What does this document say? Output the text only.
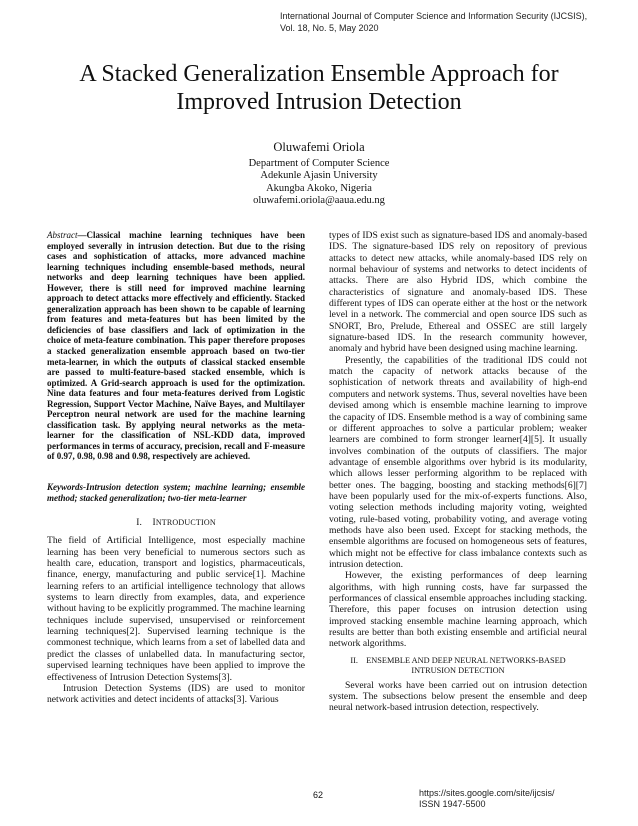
International Journal of Computer Science and Information Security (IJCSIS),
Vol. 18, No. 5, May 2020
A Stacked Generalization Ensemble Approach for
Improved Intrusion Detection
Oluwafemi Oriola
Department of Computer Science
Adekunle Ajasin University
Akungba Akoko, Nigeria
oluwafemi.oriola@aaua.edu.ng

Abstract—Classical machine learning techniques have been employed severally in intrusion detection. But due to the rising cases and sophistication of attacks, more advanced machine learning techniques including ensemble-based methods, neural networks and deep learning techniques have been applied. However, there is still need for improved machine learning approach to detect attacks more effectively and efficiently. Stacked generalization approach has been shown to be capable of learning from features and meta-features but has been limited by the deficiencies of base classifiers and lack of optimization in the choice of meta-feature combination. This paper therefore proposes a stacked generalization ensemble approach based on two-tier meta-learner, in which the outputs of classical stacked ensemble are passed to multi-feature-based stacked ensemble, which is optimized. A Grid-search approach is used for the optimization. Nine data features and four meta-features derived from Logistic Regression, Support Vector Machine, Naïve Bayes, and Multilayer Perceptron neural network are used for the machine learning classification task. By applying neural networks as the meta-learner for the classification of NSL-KDD data, improved performances in terms of accuracy, precision, recall and F-measure of 0.97, 0.98, 0.98 and 0.98, respectively are achieved.

Keywords-Intrusion detection system; machine learning; ensemble method; stacked generalization; two-tier meta-learner

I. INTRODUCTION

The field of Artificial Intelligence, most especially machine learning has been very beneficial to numerous sectors such as health care, education, transport and logistics, pharmaceuticals, finance, energy, manufacturing and public service[1]. Machine learning refers to an artificial intelligence technology that allows systems to learn directly from examples, data, and experience without having to be explicitly programmed. The machine learning techniques include supervised, unsupervised or reinforcement learning techniques[2]. Supervised learning technique is the commonest technique, which learns from a set of labelled data and predict the classes of unlabelled data. In manufacturing sector, supervised learning techniques have been applied to improve the effectiveness of Intrusion Detection Systems[3].

Intrusion Detection Systems (IDS) are used to monitor network activities and detect incidents of attacks[3]. Various

types of IDS exist such as signature-based IDS and anomaly-based IDS. The signature-based IDS rely on repository of previous attacks to detect new attacks, while anomaly-based IDS rely on normal behaviour of systems and networks to detect incidents of attacks. There are also Hybrid IDS, which combine the characteristics of signature and anomaly-based IDS. These different types of IDS can operate either at the host or the network level in a network. The commercial and open source IDS such as SNORT, Bro, Prelude, Ethereal and OSSEC are still largely signature-based IDS. In the research community however, anomaly and hybrid have been designed using machine learning.

Presently, the capabilities of the traditional IDS could not match the capacity of network attacks because of the sophistication of network threats and availability of high-end computers and network systems. Thus, several novelties have been devised among which is ensemble machine learning to improve the capacity of IDS. Ensemble method is a way of combining same or different approaches to solve a particular problem; weaker learners are combined to form stronger learner[4][5]. It usually involves combination of the outputs of classifiers. The major advantage of ensemble algorithms over hybrid is its modularity, which allows lesser performing algorithm to be replaced with better ones. The bagging, boosting and stacking methods[6][7] have been popularly used for the mix-of-experts functions. Also, voting selection methods including majority voting, weighted voting, rule-based voting, probability voting, and average voting methods have also been used. Except for stacking methods, the ensemble algorithms are focused on homogeneous sets of features, which might not be effective for class imbalance contexts such as intrusion detection.

However, the existing performances of deep learning algorithms, with high running costs, have far surpassed the performances of classical ensemble approaches including stacking. Therefore, this paper focuses on intrusion detection using improved stacking ensemble machine learning approach, which results are better than both existing ensemble and artificial neural network algorithms.

II. ENSEMBLE AND DEEP NEURAL NETWORKS-BASED
INTRUSION DETECTION

Several works have been carried out on intrusion detection system. The subsections below present the ensemble and deep neural network-based intrusion detection, respectively.

62	https://sites.google.com/site/ijcsis/
ISSN 1947-5500
